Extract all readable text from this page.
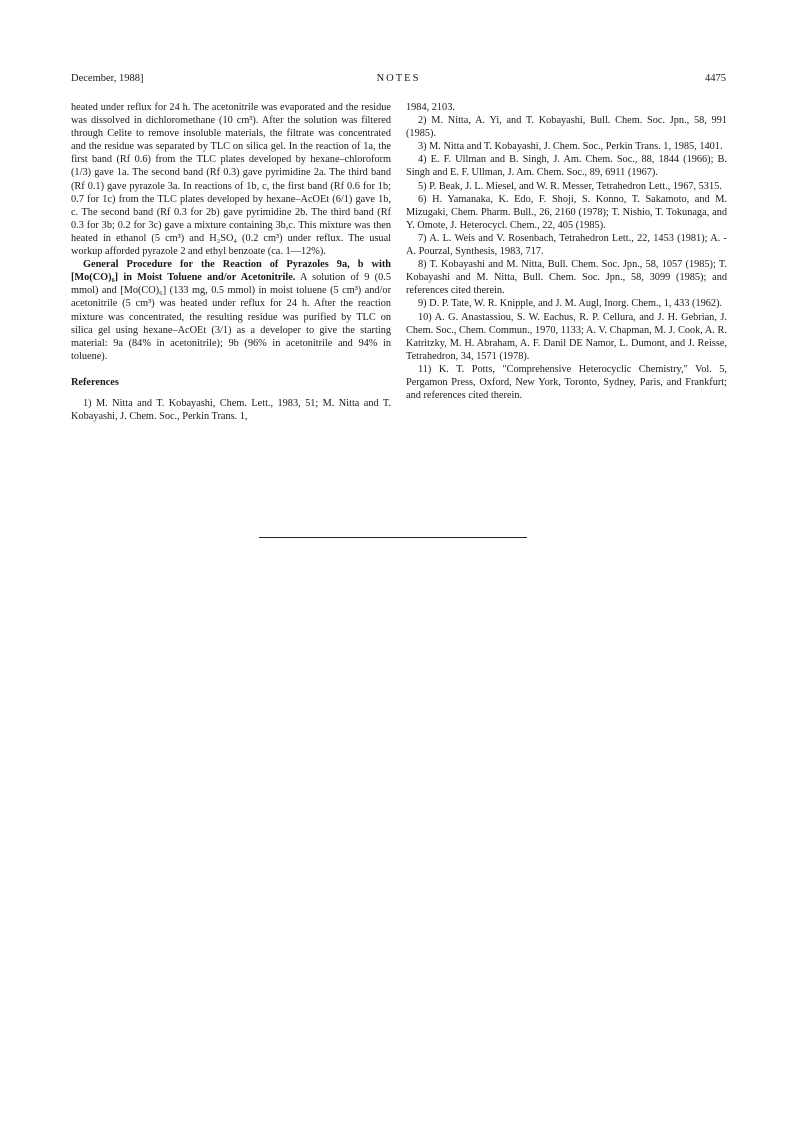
December, 1988]	NOTES	4475

heated under reflux for 24 h. The acetonitrile was evaporated and the residue was dissolved in dichloromethane (10 cm³). After the solution was filtered through Celite to remove insoluble materials, the filtrate was concentrated and the residue was separated by TLC on silica gel. In the reaction of 1a, the first band (Rf 0.6) from the TLC plates developed by hexane–chloroform (1/3) gave 1a. The second band (Rf 0.3) gave pyrimidine 2a. The third band (Rf 0.1) gave pyrazole 3a. In reactions of 1b, c, the first band (Rf 0.6 for 1b; 0.7 for 1c) from the TLC plates developed by hexane–AcOEt (6/1) gave 1b, c. The second band (Rf 0.3 for 2b) gave pyrimidine 2b. The third band (Rf 0.3 for 3b; 0.2 for 3c) gave a mixture containing 3b,c. This mixture was then heated in ethanol (5 cm³) and H₂SO₄ (0.2 cm³) under reflux. The usual workup afforded pyrazole 2 and ethyl benzoate (ca. 1—12%).

General Procedure for the Reaction of Pyrazoles 9a, b with [Mo(CO)₆] in Moist Toluene and/or Acetonitrile. A solution of 9 (0.5 mmol) and [Mo(CO)₆] (133 mg, 0.5 mmol) in moist toluene (5 cm³) and/or acetonitrile (5 cm³) was heated under reflux for 24 h. After the reaction mixture was concentrated, the resulting residue was purified by TLC on silica gel using hexane–AcOEt (3/1) as a developer to give the starting material: 9a (84% in acetonitrile); 9b (96% in acetonitrile and 94% in toluene).

References

1) M. Nitta and T. Kobayashi, Chem. Lett., 1983, 51; M. Nitta and T. Kobayashi, J. Chem. Soc., Perkin Trans. 1,

1984, 2103.

2) M. Nitta, A. Yi, and T. Kobayashi, Bull. Chem. Soc. Jpn., 58, 991 (1985).

3) M. Nitta and T. Kobayashi, J. Chem. Soc., Perkin Trans. 1, 1985, 1401.

4) E. F. Ullman and B. Singh, J. Am. Chem. Soc., 88, 1844 (1966); B. Singh and E. F. Ullman, J. Am. Chem. Soc., 89, 6911 (1967).

5) P. Beak, J. L. Miesel, and W. R. Messer, Tetrahedron Lett., 1967, 5315.

6) H. Yamanaka, K. Edo, F. Shoji, S. Konno, T. Sakamoto, and M. Mizugaki, Chem. Pharm. Bull., 26, 2160 (1978); T. Nishio, T. Tokunaga, and Y. Omote, J. Heterocycl. Chem., 22, 405 (1985).

7) A. L. Weis and V. Rosenbach, Tetrahedron Lett., 22, 1453 (1981); A. -A. Pourzal, Synthesis, 1983, 717.

8) T. Kobayashi and M. Nitta, Bull. Chem. Soc. Jpn., 58, 1057 (1985); T. Kobayashi and M. Nitta, Bull. Chem. Soc. Jpn., 58, 3099 (1985); and references cited therein.

9) D. P. Tate, W. R. Knipple, and J. M. Augl, Inorg. Chem., 1, 433 (1962).

10) A. G. Anastassiou, S. W. Eachus, R. P. Cellura, and J. H. Gebrian, J. Chem. Soc., Chem. Commun., 1970, 1133; A. V. Chapman, M. J. Cook, A. R. Katritzky, M. H. Abraham, A. F. Danil DE Namor, L. Dumont, and J. Reisse, Tetrahedron, 34, 1571 (1978).

11) K. T. Potts, "Comprehensive Heterocyclic Chemistry," Vol. 5, Pergamon Press, Oxford, New York, Toronto, Sydney, Paris, and Frankfurt; and references cited therein.
